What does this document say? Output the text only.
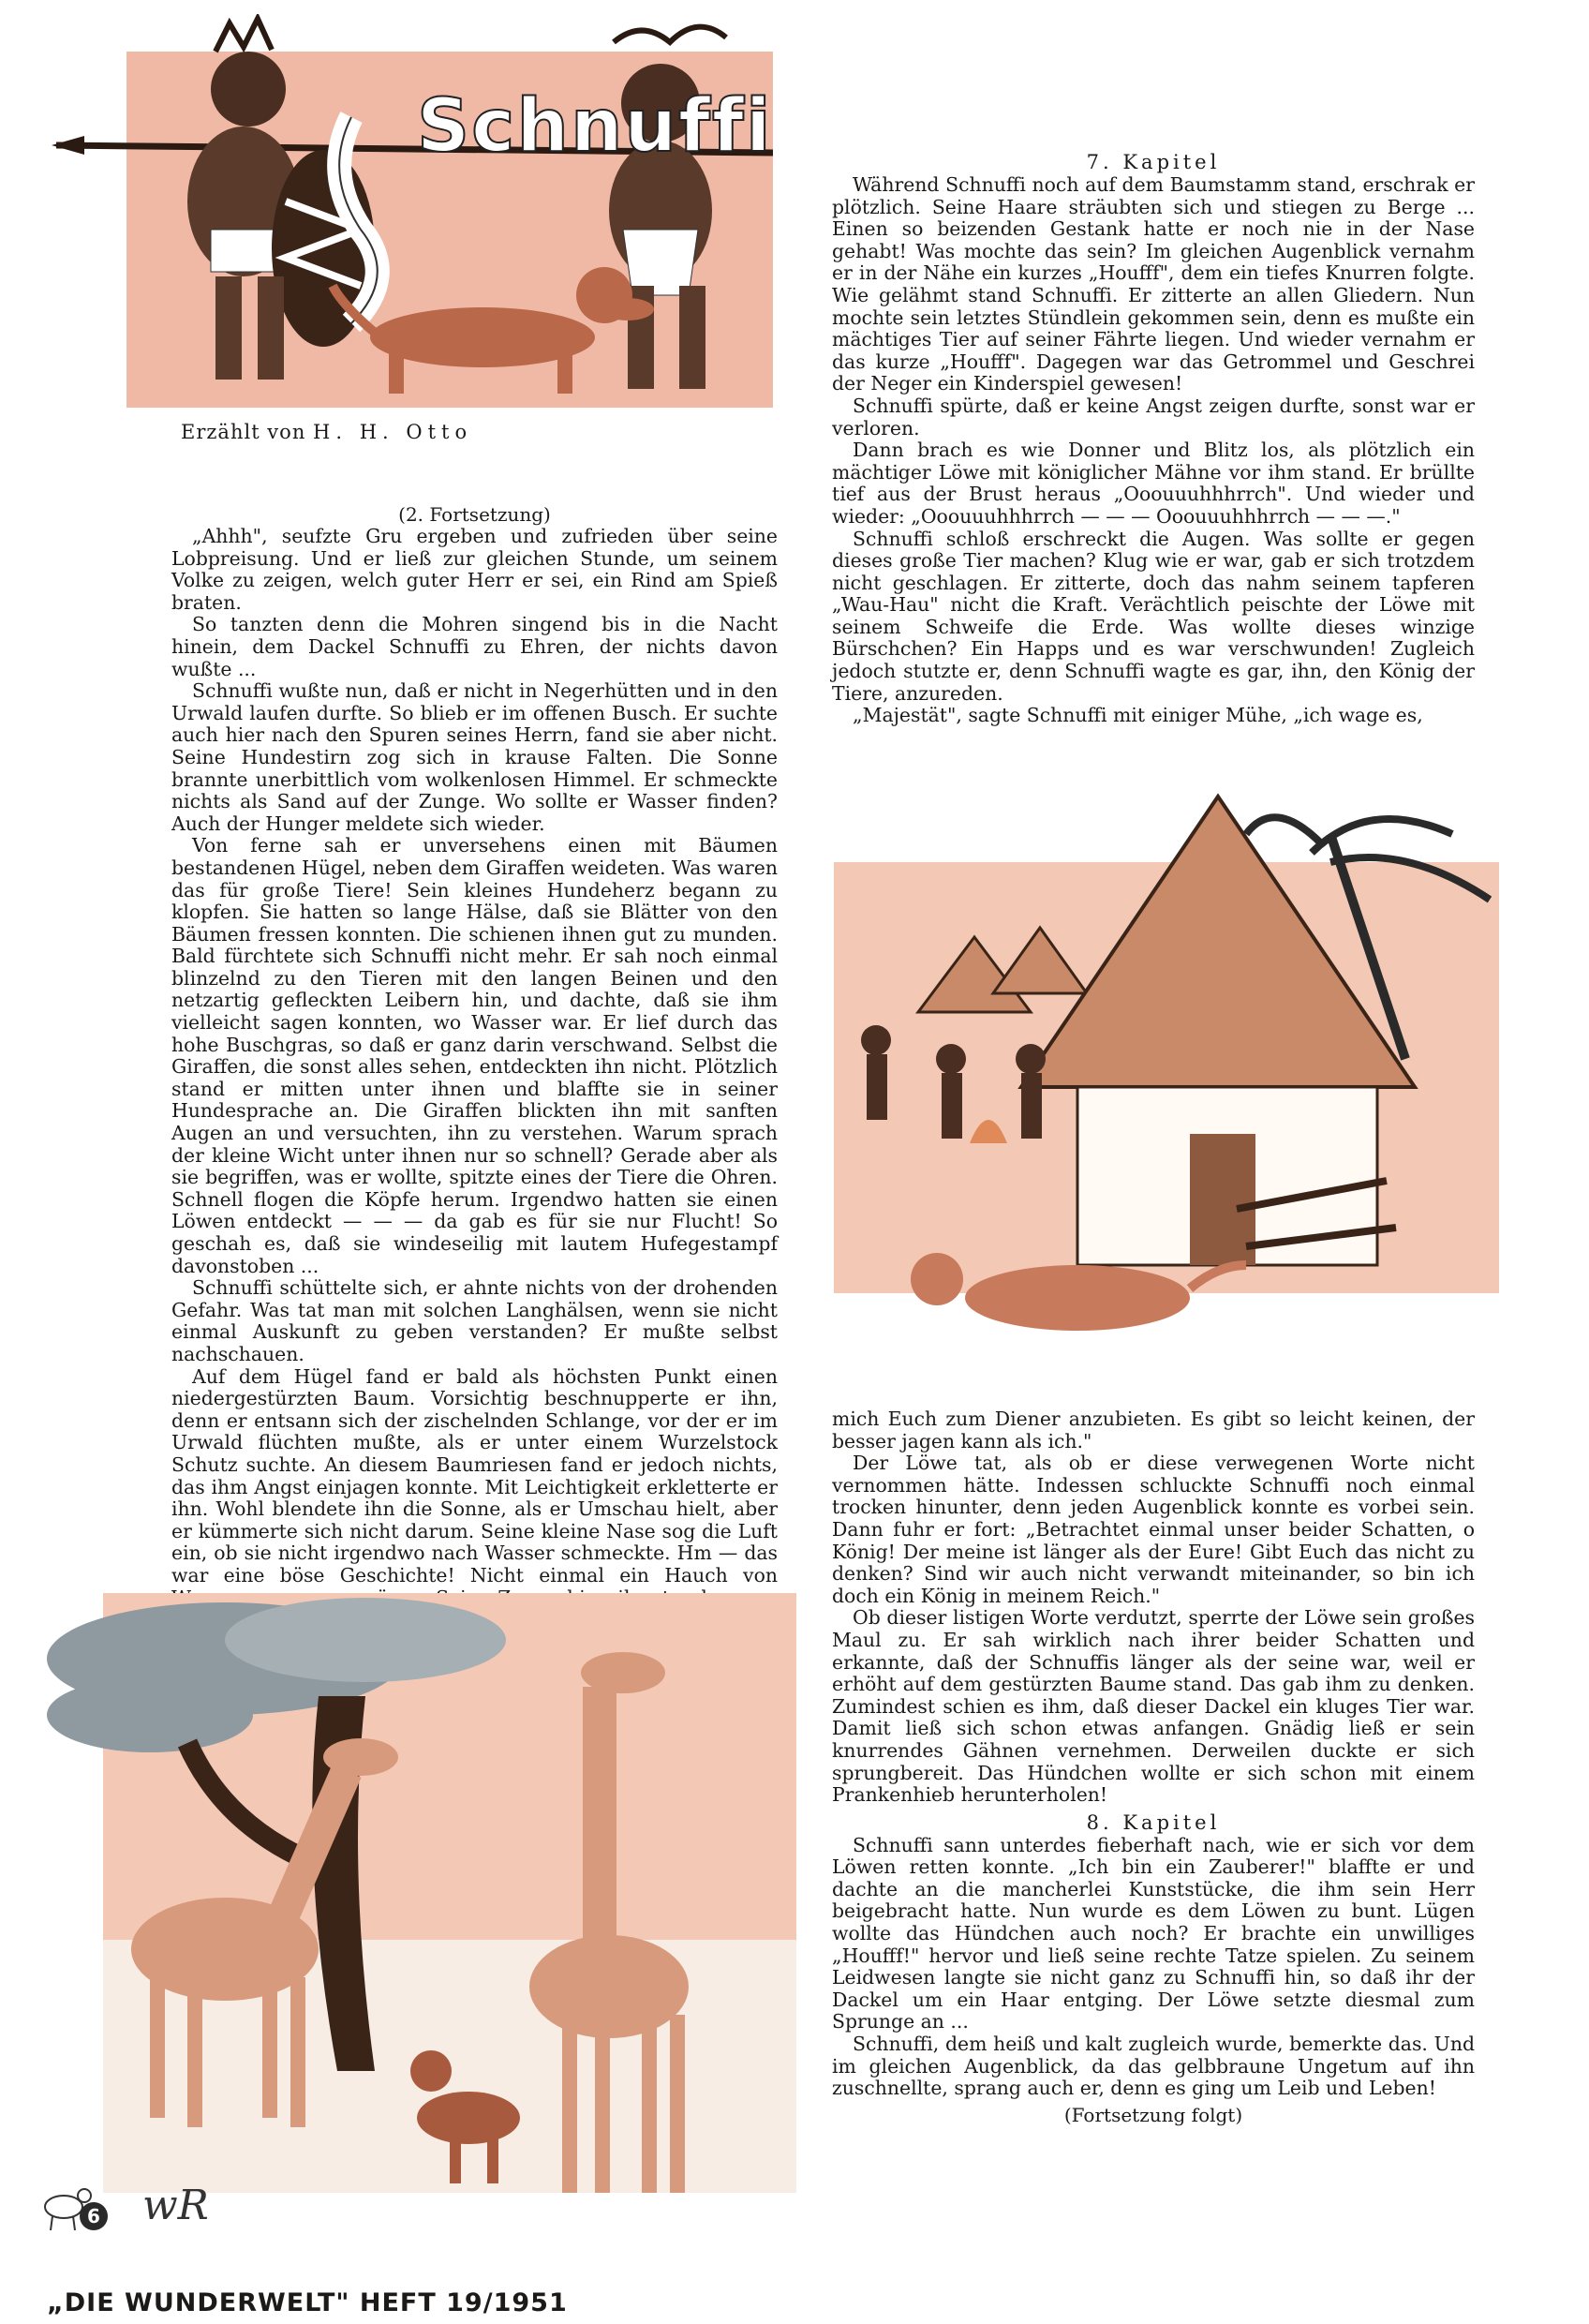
Schnuffi
Erzählt von H. H. Otto
(2. Fortsetzung)

„Ahhh", seufzte Gru ergeben und zufrieden über seine Lobpreisung. Und er ließ zur gleichen Stunde, um seinem Volke zu zeigen, welch guter Herr er sei, ein Rind am Spieß braten.

So tanzten denn die Mohren singend bis in die Nacht hinein, dem Dackel Schnuffi zu Ehren, der nichts davon wußte ...

Schnuffi wußte nun, daß er nicht in Negerhütten und in den Urwald laufen durfte. So blieb er im offenen Busch. Er suchte auch hier nach den Spuren seines Herrn, fand sie aber nicht. Seine Hundestirn zog sich in krause Falten. Die Sonne brannte unerbittlich vom wolkenlosen Himmel. Er schmeckte nichts als Sand auf der Zunge. Wo sollte er Wasser finden? Auch der Hunger meldete sich wieder.

Von ferne sah er unversehens einen mit Bäumen bestandenen Hügel, neben dem Giraffen weideten. Was waren das für große Tiere! Sein kleines Hundeherz begann zu klopfen. Sie hatten so lange Hälse, daß sie Blätter von den Bäumen fressen konnten. Die schienen ihnen gut zu munden. Bald fürchtete sich Schnuffi nicht mehr. Er sah noch einmal blinzelnd zu den Tieren mit den langen Beinen und den netzartig gefleckten Leibern hin, und dachte, daß sie ihm vielleicht sagen konnten, wo Wasser war. Er lief durch das hohe Buschgras, so daß er ganz darin verschwand. Selbst die Giraffen, die sonst alles sehen, entdeckten ihn nicht. Plötzlich stand er mitten unter ihnen und blaffte sie in seiner Hundesprache an. Die Giraffen blickten ihn mit sanften Augen an und versuchten, ihn zu verstehen. Warum sprach der kleine Wicht unter ihnen nur so schnell? Gerade aber als sie begriffen, was er wollte, spitzte eines der Tiere die Ohren. Schnell flogen die Köpfe herum. Irgendwo hatten sie einen Löwen entdeckt — — — da gab es für sie nur Flucht! So geschah es, daß sie windeseilig mit lautem Hufegestampf davonstoben ...

Schnuffi schüttelte sich, er ahnte nichts von der drohenden Gefahr. Was tat man mit solchen Langhälsen, wenn sie nicht einmal Auskunft zu geben verstanden? Er mußte selbst nachschauen.

Auf dem Hügel fand er bald als höchsten Punkt einen niedergestürzten Baum. Vorsichtig beschnupperte er ihn, denn er entsann sich der zischelnden Schlange, vor der er im Urwald flüchten mußte, als er unter einem Wurzelstock Schutz suchte. An diesem Baumriesen fand er jedoch nichts, das ihm Angst einjagen konnte. Mit Leichtigkeit erkletterte er ihn. Wohl blendete ihn die Sonne, als er Umschau hielt, aber er kümmerte sich nicht darum. Seine kleine Nase sog die Luft ein, ob sie nicht irgendwo nach Wasser schmeckte. Hm — das war eine böse Geschichte! Nicht einmal ein Hauch von

wR
6
„DIE WUNDERWELT" HEFT 19/1951
7. Kapitel

Während Schnuffi noch auf dem Baumstamm stand, erschrak er plötzlich. Seine Haare sträubten sich und stiegen zu Berge ... Einen so beizenden Gestank hatte er noch nie in der Nase gehabt! Was mochte das sein? Im gleichen Augenblick vernahm er in der Nähe ein kurzes „Houfff", dem ein tiefes Knurren folgte. Wie gelähmt stand Schnuffi. Er zitterte an allen Gliedern. Nun mochte sein letztes Stündlein gekommen sein, denn es mußte ein mächtiges Tier auf seiner Fährte liegen. Und wieder vernahm er das kurze „Houfff". Dagegen war das Getrommel und Geschrei der Neger ein Kinderspiel gewesen!

Schnuffi spürte, daß er keine Angst zeigen durfte, sonst war er verloren.

Dann brach es wie Donner und Blitz los, als plötzlich ein mächtiger Löwe mit königlicher Mähne vor ihm stand. Er brüllte tief aus der Brust heraus „Ooouuuhhhrrch". Und wieder und wieder: „Ooouuuhhhrrch — — — Ooouuuhhhrrch — — —."

Schnuffi schloß erschreckt die Augen. Was sollte er gegen dieses große Tier machen? Klug wie er war, gab er sich trotzdem nicht geschlagen. Er zitterte, doch das nahm seinem tapferen „Wau-Hau" nicht die Kraft. Verächtlich peischte der Löwe mit seinem Schweife die Erde. Was wollte dieses winzige Bürschchen? Ein Happs und es war verschwunden! Zugleich jedoch stutzte er, denn Schnuffi wagte es gar, ihn, den König der Tiere, anzureden.

„Majestät", sagte Schnuffi mit einiger Mühe, „ich wage es,

mich Euch zum Diener anzubieten. Es gibt so leicht keinen, der besser jagen kann als ich."

Der Löwe tat, als ob er diese verwegenen Worte nicht vernommen hätte. Indessen schluckte Schnuffi noch einmal trocken hinunter, denn jeden Augenblick konnte es vorbei sein. Dann fuhr er fort: „Betrachtet einmal unser beider Schatten, o König! Der meine ist länger als der Eure! Gibt Euch das nicht zu denken? Sind wir auch nicht verwandt miteinander, so bin ich doch ein König in meinem Reich."

Ob dieser listigen Worte verdutzt, sperrte der Löwe sein großes Maul zu. Er sah wirklich nach ihrer beider Schatten und erkannte, daß der Schnuffis länger als der seine war, weil er erhöht auf dem gestürzten Baume stand. Das gab ihm zu denken. Zumindest schien es ihm, daß dieser Dackel ein kluges Tier war. Damit ließ sich schon etwas anfangen. Gnädig ließ er sein knurrendes Gähnen vernehmen. Derweilen duckte er sich sprungbereit. Das Hündchen wollte er sich schon mit einem Prankenhieb herunterholen!

8. Kapitel

Schnuffi sann unterdes fieberhaft nach, wie er sich vor dem Löwen retten konnte. „Ich bin ein Zauberer!" blaffte er und dachte an die mancherlei Kunststücke, die ihm sein Herr beigebracht hatte. Nun wurde es dem Löwen zu bunt. Lügen wollte das Hündchen auch noch? Er brachte ein unwilliges „Houfff!" hervor und ließ seine rechte Tatze spielen. Zu seinem Leidwesen langte sie nicht ganz zu Schnuffi hin, so daß ihr der Dackel um ein Haar entging. Der Löwe setzte diesmal zum Sprunge an ...

Schnuffi, dem heiß und kalt zugleich wurde, bemerkte das. Und im gleichen Augenblick, da das gelbbraune Ungetum auf ihn zuschnellte, sprang auch er, denn es ging um Leib und Leben!

(Fortsetzung folgt)
